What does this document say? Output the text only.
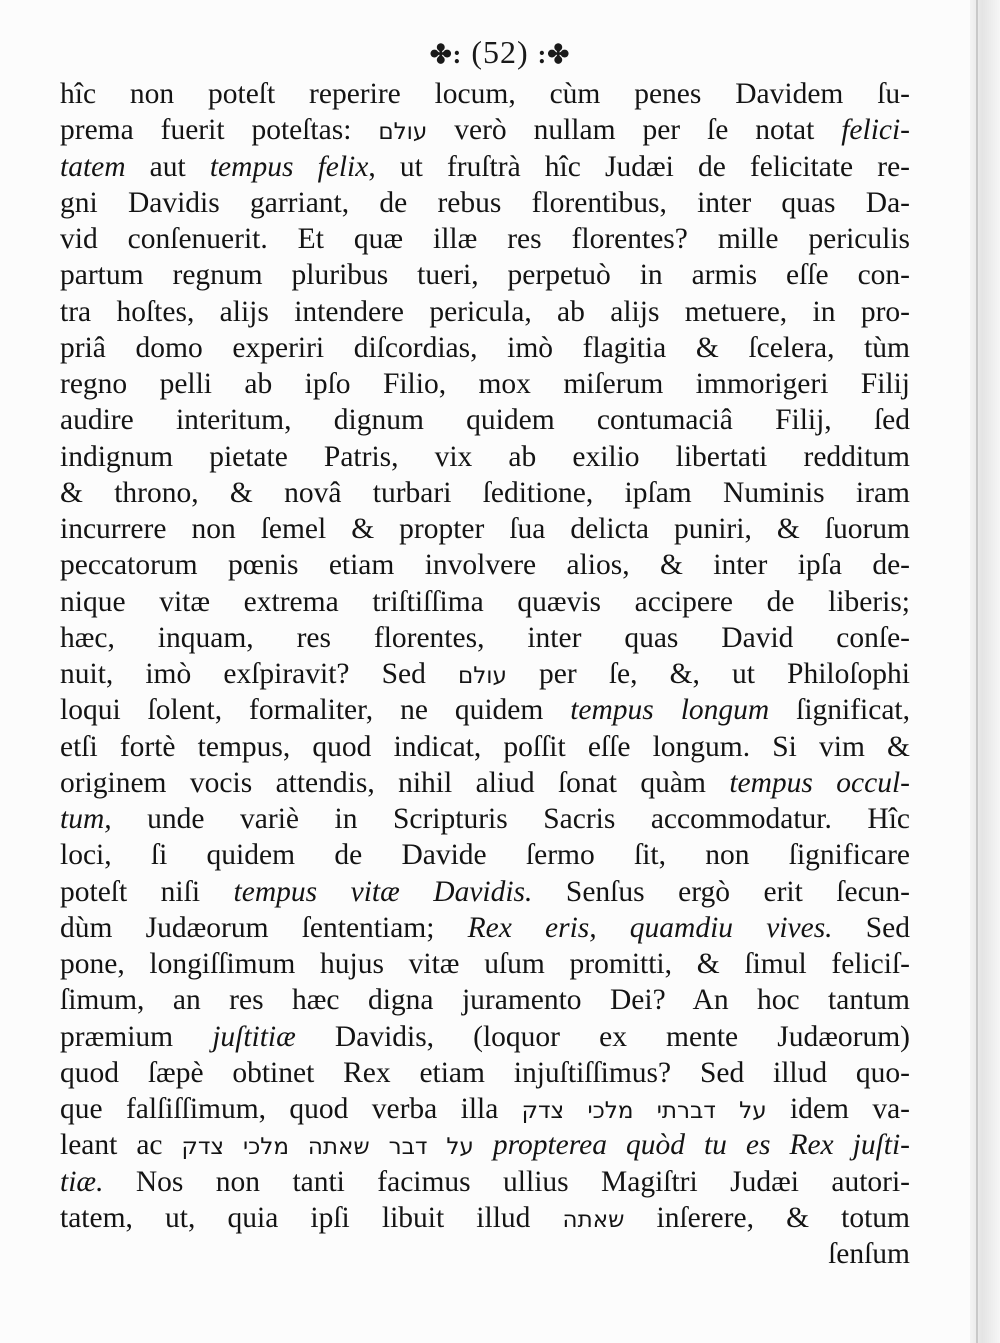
✤: (52) :✤
hîc non poteſt reperire locum, cùm penes Davidem ſu-
prema fuerit poteſtas: עולם verò nullam per ſe notat felici-
tatem aut tempus felix, ut fruſtrà hîc Judæi de felicitate re-
gni Davidis garriant, de rebus florentibus, inter quas Da-
vid conſenuerit. Et quæ illæ res florentes? mille periculis
partum regnum pluribus tueri, perpetuò in armis eſſe con-
tra hoſtes, alijs intendere pericula, ab alijs metuere, in pro-
priâ domo experiri diſcordias, imò flagitia & ſcelera, tùm
regno pelli ab ipſo Filio, mox miſerum immorigeri Filij
audire interitum, dignum quidem contumaciâ Filij, ſed
indignum pietate Patris, vix ab exilio libertati redditum
& throno, & novâ turbari ſeditione, ipſam Numinis iram
incurrere non ſemel & propter ſua delicta puniri, & ſuorum
peccatorum pœnis etiam involvere alios, & inter ipſa de-
nique vitæ extrema triſtiſſima quævis accipere de liberis;
hæc, inquam, res florentes, inter quas David conſe-
nuit, imò exſpiravit? Sed עולם per ſe, &, ut Philoſophi
loqui ſolent, formaliter, ne quidem tempus longum ſignificat,
etſi fortè tempus, quod indicat, poſſit eſſe longum. Si vim &
originem vocis attendis, nihil aliud ſonat quàm tempus occul-
tum, unde variè in Scripturis Sacris accommodatur. Hîc
loci, ſi quidem de Davide ſermo ſit, non ſignificare
poteſt niſi tempus vitæ Davidis. Senſus ergò erit ſecun-
dùm Judæorum ſententiam; Rex eris, quamdiu vives. Sed
pone, longiſſimum hujus vitæ uſum promitti, & ſimul feliciſ-
ſimum, an res hæc digna juramento Dei? An hoc tantum
præmium juſtitiæ Davidis, (loquor ex mente Judæorum)
quod ſæpè obtinet Rex etiam injuſtiſſimus? Sed illud quo-
que falſiſſimum, quod verba illa על דברתי מלכי צדק idem va-
leant ac על דבר שאתה מלכי צדק propterea quòd tu es Rex juſti-
tiæ. Nos non tanti facimus ullius Magiſtri Judæi autori-
tatem, ut, quia ipſi libuit illud שאתה inſerere, & totum
ſenſum
